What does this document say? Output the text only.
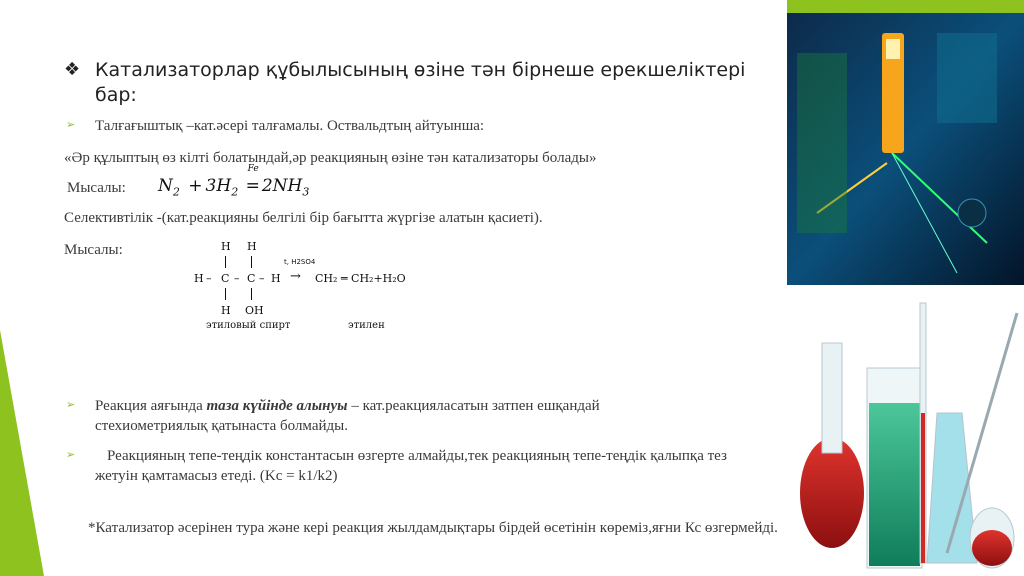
❖ Катализаторлар құбылысының өзіне тән бірнеше ерекшеліктері бар:
➢ Талғағыштық –кат.әсері талғамалы. Оствальдтың айтуынша:
«Әр құлыптың өз кілті болатындай,әр реакцияның өзіне тән катализаторы болады»
Мысалы: $N_2 + 3H_2$
Fe
= $2NH_3$
Селективтілік -(кат.реакцияны белгілі бір бағытта жүргізе алатын қасиеті).
Мысалы:	H H
H – C – C – H
t, H2SO4
→ CH₂ ═ CH₂+H₂O
H OH
этиловый спирт	этилен
➢ Реакция аяғында таза күйінде алынуы – кат.реакцияласатын затпен ешқандай стехиометриялық қатынаста болмайды.
➢	Реакцияның тепе-теңдік константасын өзгерте алмайды,тек реакцияның тепе-теңдік қалыпқа тез жетуін қамтамасыз етеді. (Kc = k1/k2)
*Катализатор әсерінен тура және кері реакция жылдамдықтары бірдей өсетінін көреміз,яғни Кс өзгермейді.
